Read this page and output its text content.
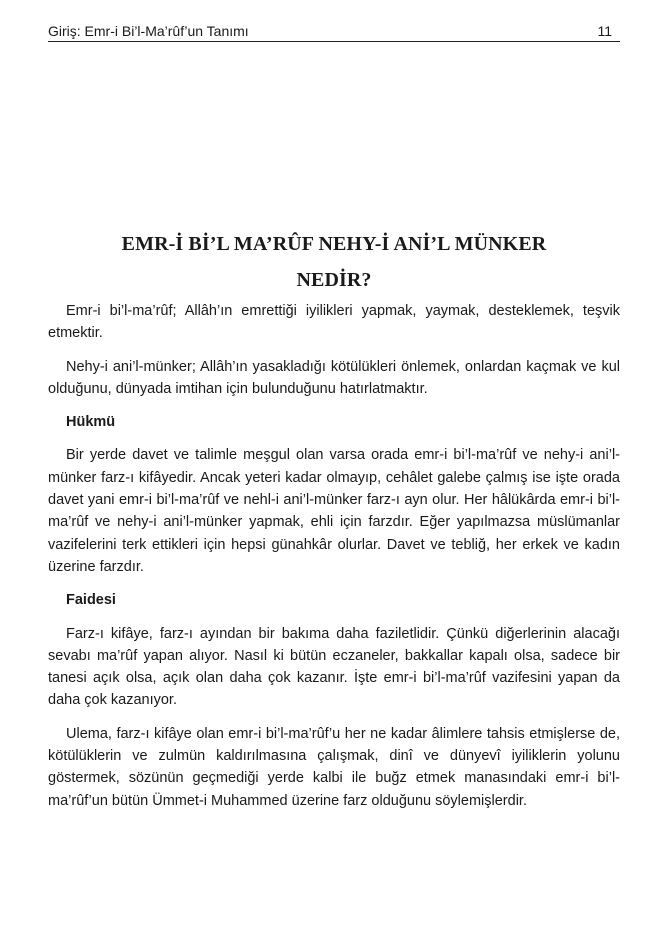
Giriş: Emr-i Bi’l-Ma’rûf’un Tanımı	11
EMR-İ Bİ’L MA’RÛF NEHY-İ ANİ’L MÜNKER
NEDİR?

Emr-i bi’l-ma’rûf; Allâh’ın emrettiği iyilikleri yapmak, yaymak, desteklemek, teşvik etmektir.

Nehy-i ani’l-münker; Allâh’ın yasakladığı kötülükleri önlemek, onlardan kaçmak ve kul olduğunu, dünyada imtihan için bulunduğunu hatırlatmaktır.

Hükmü

Bir yerde davet ve talimle meşgul olan varsa orada emr-i bi’l-ma’rûf ve nehy-i ani’l-münker farz-ı kifâyedir. Ancak yeteri kadar olmayıp, cehâlet galebe çalmış ise işte orada davet yani emr-i bi’l-ma’rûf ve nehl-i ani’l-münker farz-ı ayn olur. Her hâlükârda emr-i bi’l-ma’rûf ve nehy-i ani’l-münker yapmak, ehli için farzdır. Eğer yapılmazsa müslümanlar vazifelerini terk ettikleri için hepsi günahkâr olurlar. Davet ve tebliğ, her erkek ve kadın üzerine farzdır.

Faidesi

Farz-ı kifâye, farz-ı ayından bir bakıma daha faziletlidir. Çünkü diğerlerinin alacağı sevabı ma’rûf yapan alıyor. Nasıl ki bütün eczaneler, bakkallar kapalı olsa, sadece bir tanesi açık olsa, açık olan daha çok kazanır. İşte emr-i bi’l-ma’rûf vazifesini yapan da daha çok kazanıyor.

Ulema, farz-ı kifâye olan emr-i bi’l-ma’rûf’u her ne kadar âlimlere tahsis etmişlerse de, kötülüklerin ve zulmün kaldırılmasına çalışmak, dinî ve dünyevî iyiliklerin yolunu göstermek, sözünün geçmediği yerde kalbi ile buğz etmek manasındaki emr-i bi’l-ma’rûf’un bütün Ümmet-i Muhammed üzerine farz olduğunu söylemişlerdir.
